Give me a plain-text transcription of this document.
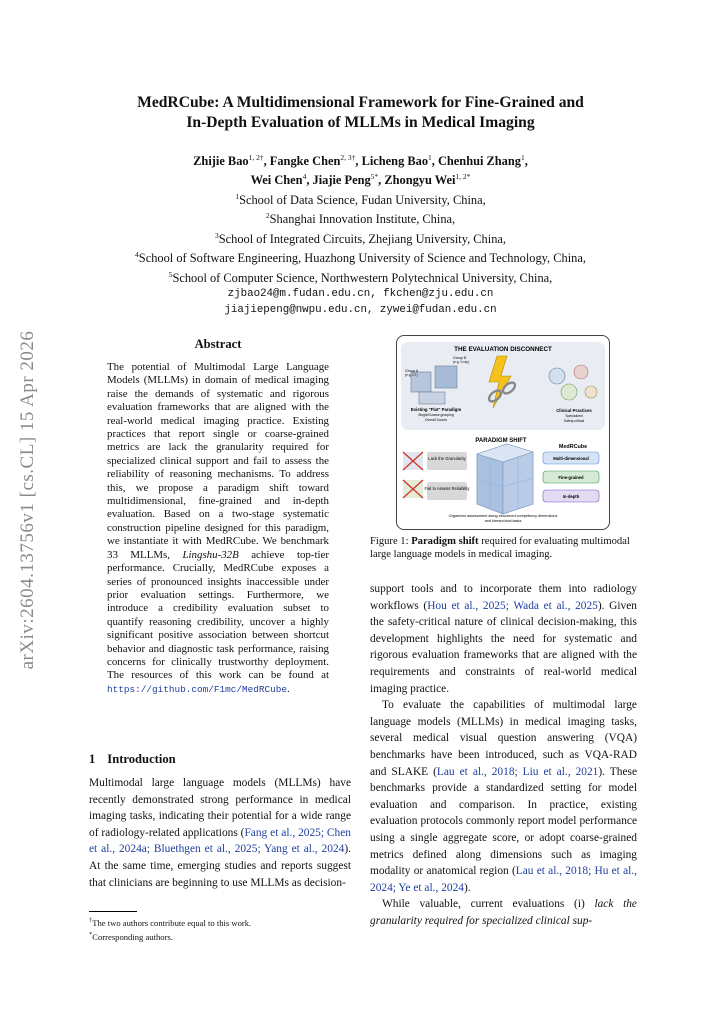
arXiv:2604.13756v1 [cs.CL] 15 Apr 2026
MedRCube: A Multidimensional Framework for Fine-Grained and
In-Depth Evaluation of MLLMs in Medical Imaging
Zhijie Bao$^{1, 2\dagger}$, Fangke Chen$^{2, 3\dagger}$, Licheng Bao$^1$, Chenhui Zhang$^1$,
Wei Chen$^4$, Jiajie Peng$^{5*}$, Zhongyu Wei$^{1, 2*}$
$^1$School of Data Science, Fudan University, China,
$^2$Shanghai Innovation Institute, China,
$^3$School of Integrated Circuits, Zhejiang University, China,
$^4$School of Software Engineering, Huazhong University of Science and Technology, China,
$^5$School of Computer Science, Northwestern Polytechnical University, China,
zjbao24@m.fudan.edu.cn, fkchen@zju.edu.cn
jiajiepeng@nwpu.edu.cn, zywei@fudan.edu.cn
Abstract
The potential of Multimodal Large Language Models (MLLMs) in domain of medical imaging raise the demands of systematic and rigorous evaluation frameworks that are aligned with the real-world medical imaging practice. Existing practices that report single or coarse-grained metrics are lack the granularity required for specialized clinical support and fail to assess the reliability of reasoning mechanisms. To address this, we propose a paradigm shift toward multidimensional, fine-grained and in-depth evaluation. Based on a two-stage systematic construction pipeline designed for this paradigm, we instantiate it with MedRCube. We benchmark 33 MLLMs, Lingshu-32B achieve top-tier performance. Crucially, MedRCube exposes a series of pronounced insights inaccessible under prior evaluation settings. Furthermore, we introduce a credibility evaluation subset to quantify reasoning credibility, uncover a highly significant positive association between shortcut behavior and diagnostic task performance, raising concerns for clinically trustworthy deployment. The resources of this work can be found at https://github.com/F1mc/MedRCube.
1 Introduction

Multimodal large language models (MLLMs) have recently demonstrated strong performance in medical imaging tasks, indicating their potential for a wide range of radiology-related applications (Fang et al., 2025; Chen et al., 2024a; Bluethgen et al., 2025; Yang et al., 2024). At the same time, emerging studies and reports suggest that clinicians are beginning to use MLLMs as decision-

†The two authors contribute equal to this work.
*Corresponding authors.
THE EVALUATION DISCONNECT
Group A
(e.g. CT)
Group B
(e.g. X-ray)
Existing "Flat" Paradigm
Single/Coarse grouping
Overall Scores
Clinical Practices
Specialized
Safety-critical
PARADIGM SHIFT
MedRCube
Lack the Granularity
Fail to Assess Reliability
Multi-dimensional
Fine-grained
In-depth
Organizes assessment along structured competency dimensions
and hierarchical tasks
Figure 1: Paradigm shift required for evaluating multimodal large language models in medical imaging.

support tools and to incorporate them into radiology workflows (Hou et al., 2025; Wada et al., 2025). Given the safety-critical nature of clinical decision-making, this development highlights the need for systematic and rigorous evaluation frameworks that are aligned with the requirements and constraints of real-world medical imaging practice.

To evaluate the capabilities of multimodal large language models (MLLMs) in medical imaging tasks, several medical visual question answering (VQA) benchmarks have been introduced, such as VQA-RAD and SLAKE (Lau et al., 2018; Liu et al., 2021). These benchmarks provide a standardized setting for model evaluation and comparison. In practice, existing evaluation protocols commonly report model performance using a single aggregate score, or adopt coarse-grained metrics defined along dimensions such as imaging modality or anatomical region (Lau et al., 2018; Hu et al., 2024; Ye et al., 2024).

While valuable, current evaluations (i) lack the granularity required for specialized clinical sup-
